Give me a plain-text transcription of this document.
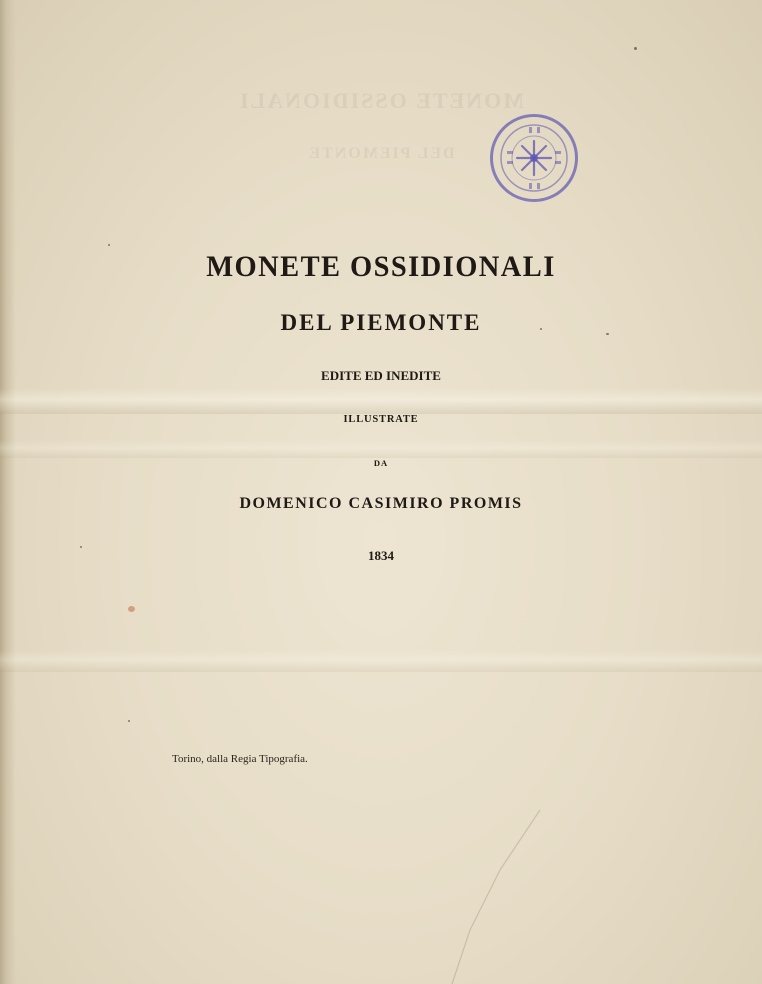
MONETE OSSIDIONALI
DEL PIEMONTE
MONETE OSSIDIONALI
DEL PIEMONTE
EDITE ED INEDITE
ILLUSTRATE
DA
DOMENICO CASIMIRO PROMIS
1834
Torino, dalla Regia Tipografia.
